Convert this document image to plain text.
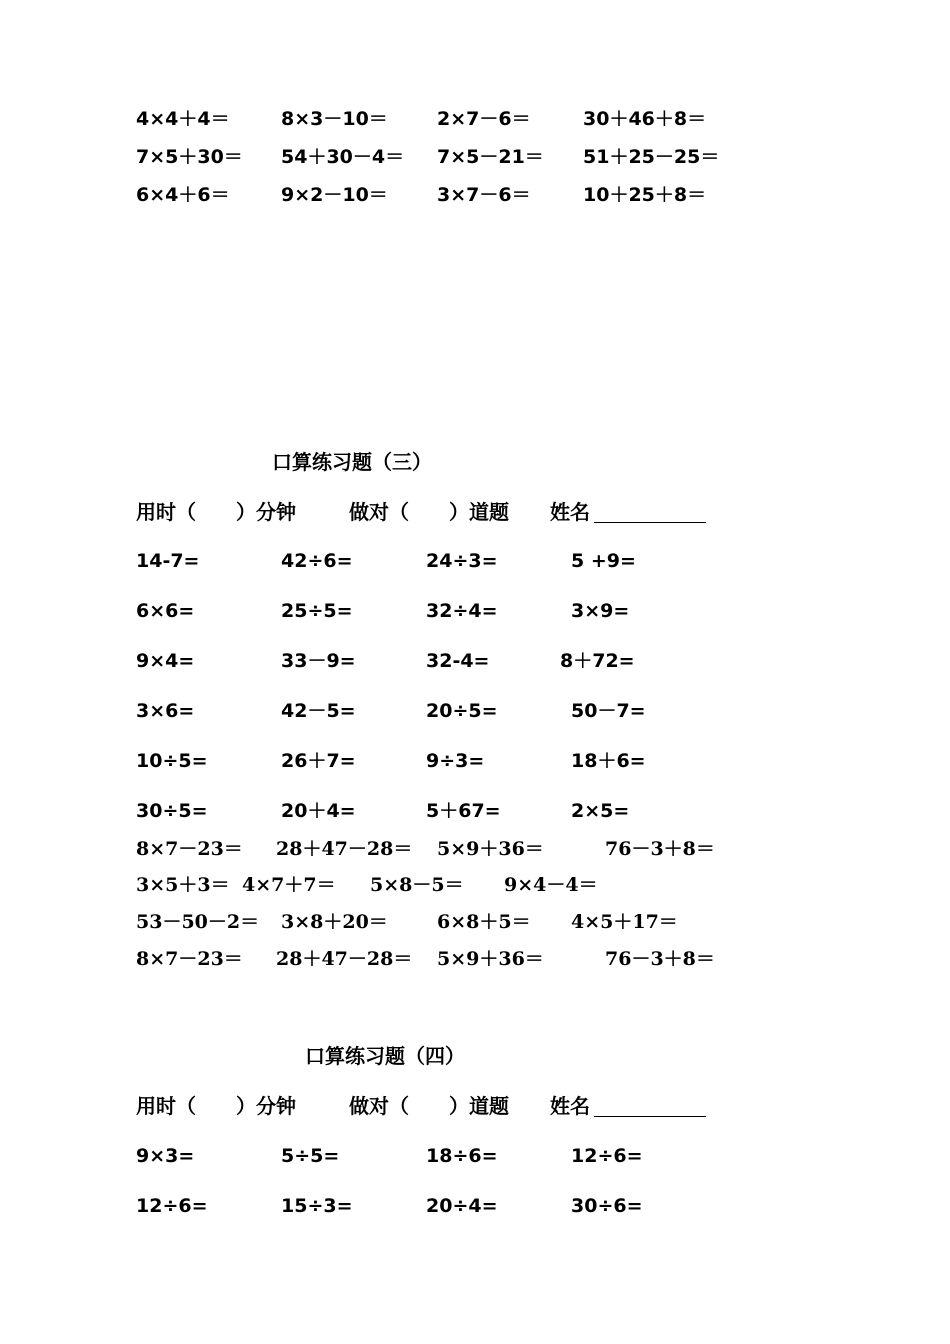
4×4＋4＝	8×3－10＝	2×7－6＝	30＋46＋8＝
7×5＋30＝ 54＋30－4＝ 7×5－21＝ 51＋25－25＝
6×4＋6＝	9×2－10＝	3×7－6＝	10＋25＋8＝
口算练习题（三）
用时（　　）分钟	做对（　　）道题 姓名
14-7=	42÷6=	24÷3=	5 +9=
6×6=	25÷5=	32÷4=	3×9=
9×4=	33－9=	32-4=	8＋72=
3×6=	42－5=	20÷5=	50－7=
10÷5=	26＋7=	9÷3=	18＋6=
30÷5=	20＋4=	5＋67=	2×5=
8×7－23＝ 28＋47－28＝ 5×9＋36＝	76－3＋8＝
3×5＋3＝ 4×7＋7＝ 5×8－5＝ 9×4－4＝
53－50－2＝ 3×8＋20＝	6×8＋5＝ 4×5＋17＝
8×7－23＝ 28＋47－28＝ 5×9＋36＝	76－3＋8＝
口算练习题（四）
用时（　　）分钟	做对（　　）道题 姓名
9×3=	5÷5=	18÷6=	12÷6=
12÷6=	15÷3=	20÷4=	30÷6=
